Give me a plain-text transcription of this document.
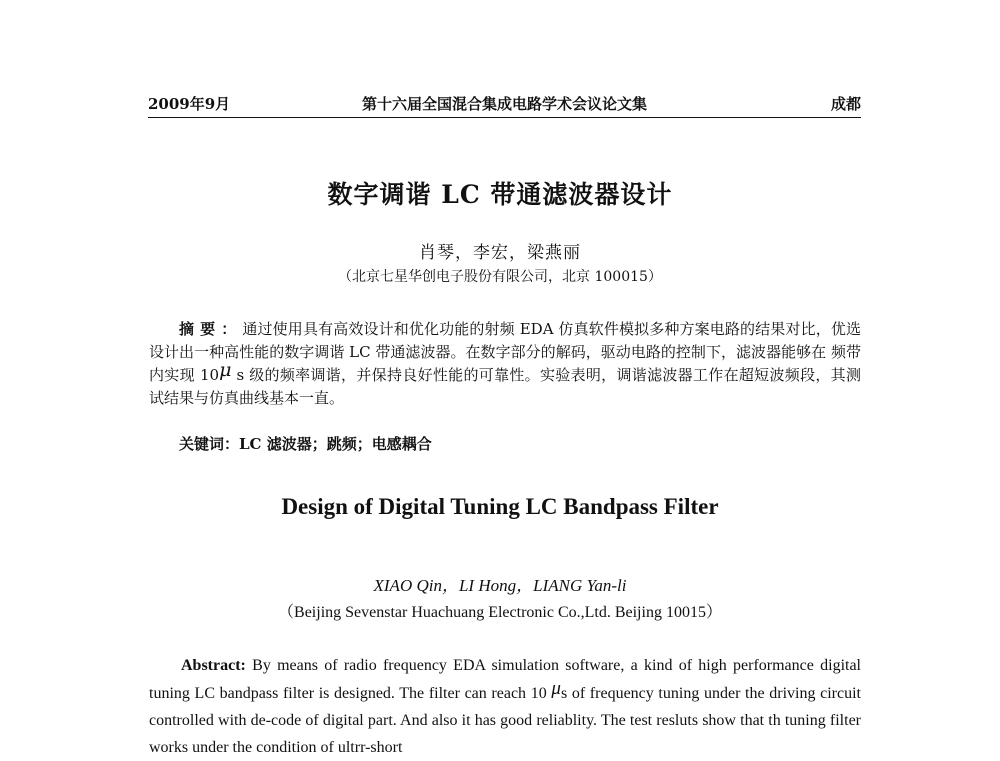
2009年9月	第十六届全国混合集成电路学术会议论文集	成都
数字调谐 LC 带通滤波器设计
肖琴，李宏，梁燕丽
（北京七星华创电子股份有限公司，北京 100015）

摘要：通过使用具有高效设计和优化功能的射频 EDA 仿真软件模拟多种方案电路的结果对比，优选设计出一种高性能的数字调谐 LC 带通滤波器。在数字部分的解码，驱动电路的控制下，滤波器能够在 频带内实现 10μ s 级的频率调谐，并保持良好性能的可靠性。实验表明，调谐滤波器工作在超短波频段，其测试结果与仿真曲线基本一直。

关键词：LC 滤波器；跳频；电感耦合
Design of Digital Tuning LC Bandpass Filter
XIAO Qin，LI Hong，LIANG Yan-li
（Beijing Sevenstar Huachuang Electronic Co.,Ltd. Beijing 10015）

Abstract: By means of radio frequency EDA simulation software, a kind of high performance digital tuning LC bandpass filter is designed. The filter can reach 10 μs of frequency tuning under the driving circuit controlled with de-code of digital part. And also it has good reliablity. The test resluts show that th tuning filter works under the condition of ultrr-short
